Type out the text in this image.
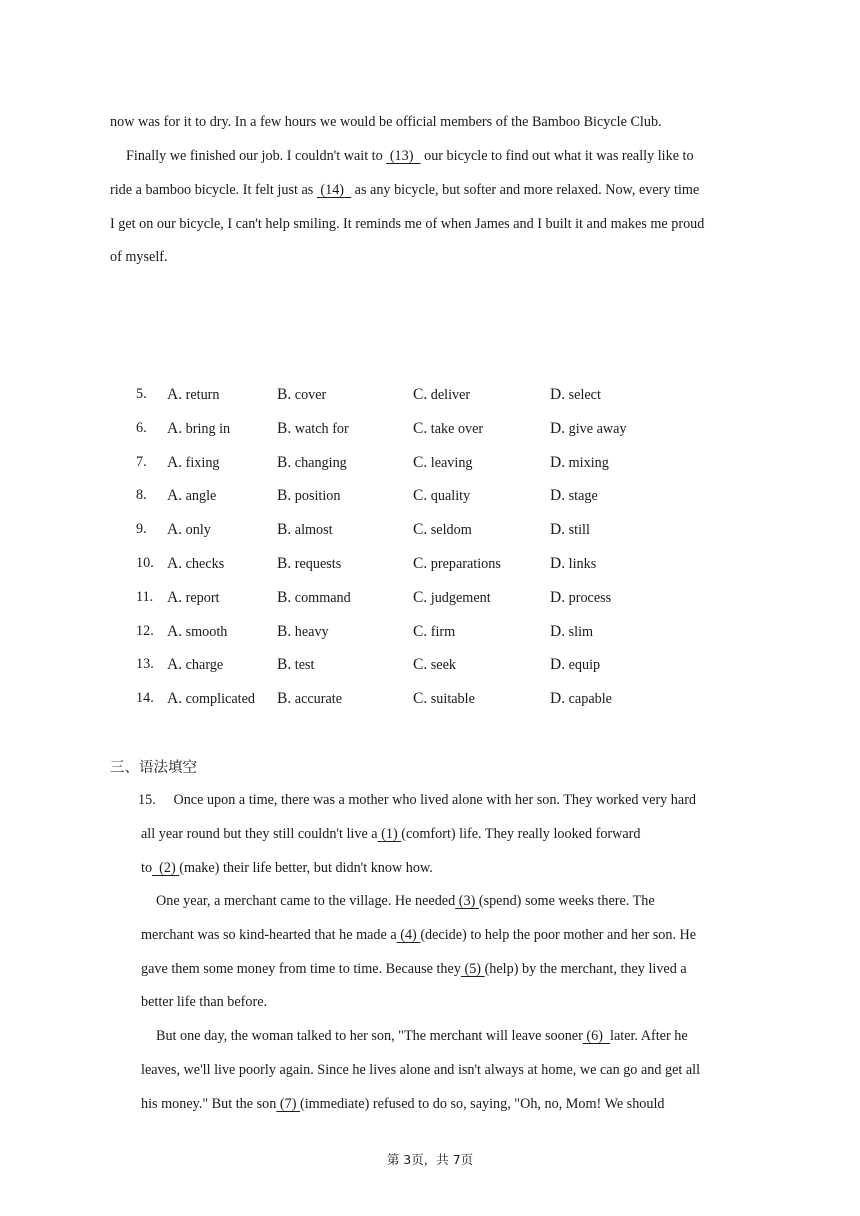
now was for it to dry. In a few hours we would be official members of the Bamboo Bicycle Club.
Finally we finished our job. I couldn't wait to (13) our bicycle to find out what it was really like to
ride a bamboo bicycle. It felt just as (14) as any bicycle, but softer and more relaxed. Now, every time
I get on our bicycle, I can't help smiling. It reminds me of when James and I built it and makes me proud
of myself.
5. A. return	B. cover	C. deliver	D. select
6. A. bring in	B. watch for	C. take over	D. give away
7. A. fixing	B. changing	C. leaving	D. mixing
8. A. angle	B. position	C. quality	D. stage
9. A. only	B. almost	C. seldom	D. still
10. A. checks	B. requests	C. preparations	D. links
11. A. report	B. command	C. judgement	D. process
12. A. smooth	B. heavy	C. firm	D. slim
13. A. charge	B. test	C. seek	D. equip
14. A. complicated B. accurate	C. suitable	D. capable
三、语法填空
15. Once upon a time, there was a mother who lived alone with her son. They worked very hard
all year round but they still couldn't live a (1) (comfort) life. They really looked forward
to (2) (make) their life better, but didn't know how.
One year, a merchant came to the village. He needed (3) (spend) some weeks there. The
merchant was so kind-hearted that he made a (4) (decide) to help the poor mother and her son. He
gave them some money from time to time. Because they (5) (help) by the merchant, they lived a
better life than before.
But one day, the woman talked to her son, "The merchant will leave sooner (6) later. After he
leaves, we'll live poorly again. Since he lives alone and isn't always at home, we can go and get all
his money." But the son (7) (immediate) refused to do so, saying, "Oh, no, Mom! We should
第 3页，共 7页
